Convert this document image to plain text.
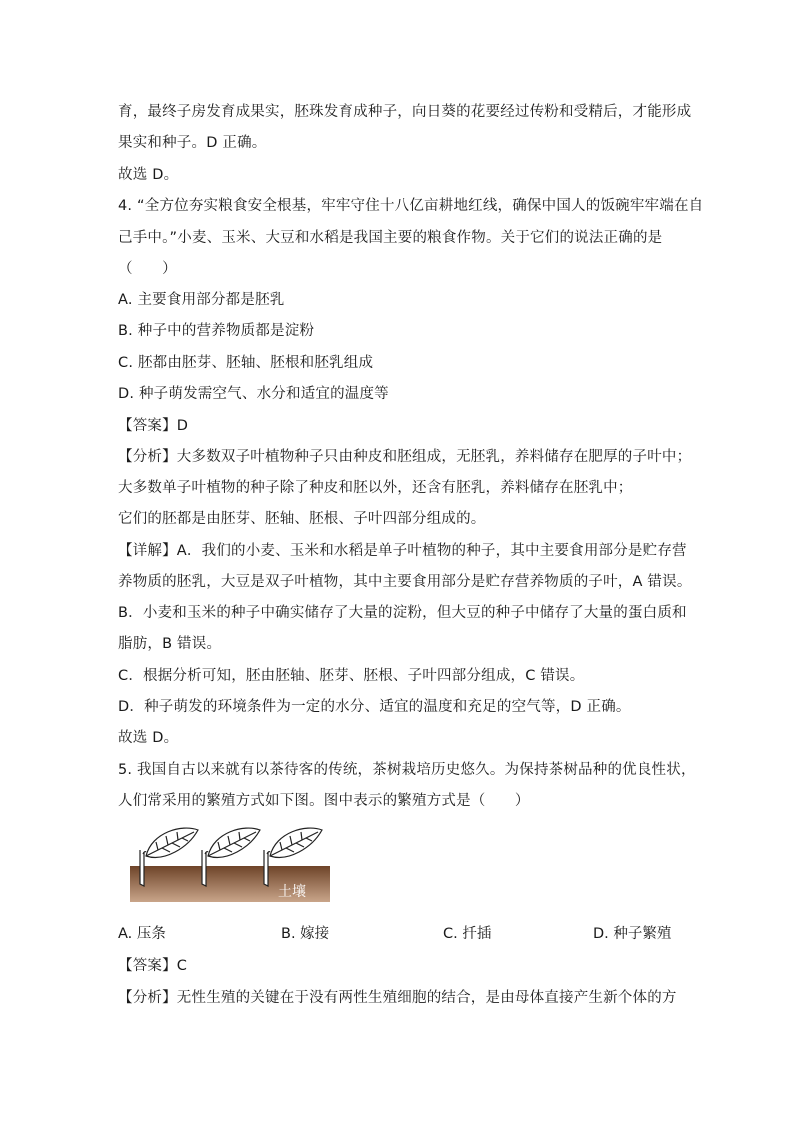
育，最终子房发育成果实，胚珠发育成种子，向日葵的花要经过传粉和受精后，才能形成
果实和种子。D 正确。
故选 D。
4. “全方位夯实粮食安全根基，牢牢守住十八亿亩耕地红线，确保中国人的饭碗牢牢端在自
己手中。”小麦、玉米、大豆和水稻是我国主要的粮食作物。关于它们的说法正确的是
（　　）
A. 主要食用部分都是胚乳
B. 种子中的营养物质都是淀粉
C. 胚都由胚芽、胚轴、胚根和胚乳组成
D. 种子萌发需空气、水分和适宜的温度等
【答案】D
【分析】大多数双子叶植物种子只由种皮和胚组成，无胚乳，养料储存在肥厚的子叶中；
大多数单子叶植物的种子除了种皮和胚以外，还含有胚乳，养料储存在胚乳中；
它们的胚都是由胚芽、胚轴、胚根、子叶四部分组成的。
【详解】A．我们的小麦、玉米和水稻是单子叶植物的种子，其中主要食用部分是贮存营
养物质的胚乳，大豆是双子叶植物，其中主要食用部分是贮存营养物质的子叶，A 错误。
B．小麦和玉米的种子中确实储存了大量的淀粉，但大豆的种子中储存了大量的蛋白质和
脂肪，B 错误。
C．根据分析可知，胚由胚轴、胚芽、胚根、子叶四部分组成，C 错误。
D．种子萌发的环境条件为一定的水分、适宜的温度和充足的空气等，D 正确。
故选 D。
5. 我国自古以来就有以茶待客的传统，茶树栽培历史悠久。为保持茶树品种的优良性状，
人们常采用的繁殖方式如下图。图中表示的繁殖方式是（　　）
土壤
A. 压条	B. 嫁接	C. 扦插	D. 种子繁殖
【答案】C
【分析】无性生殖的关键在于没有两性生殖细胞的结合，是由母体直接产生新个体的方
